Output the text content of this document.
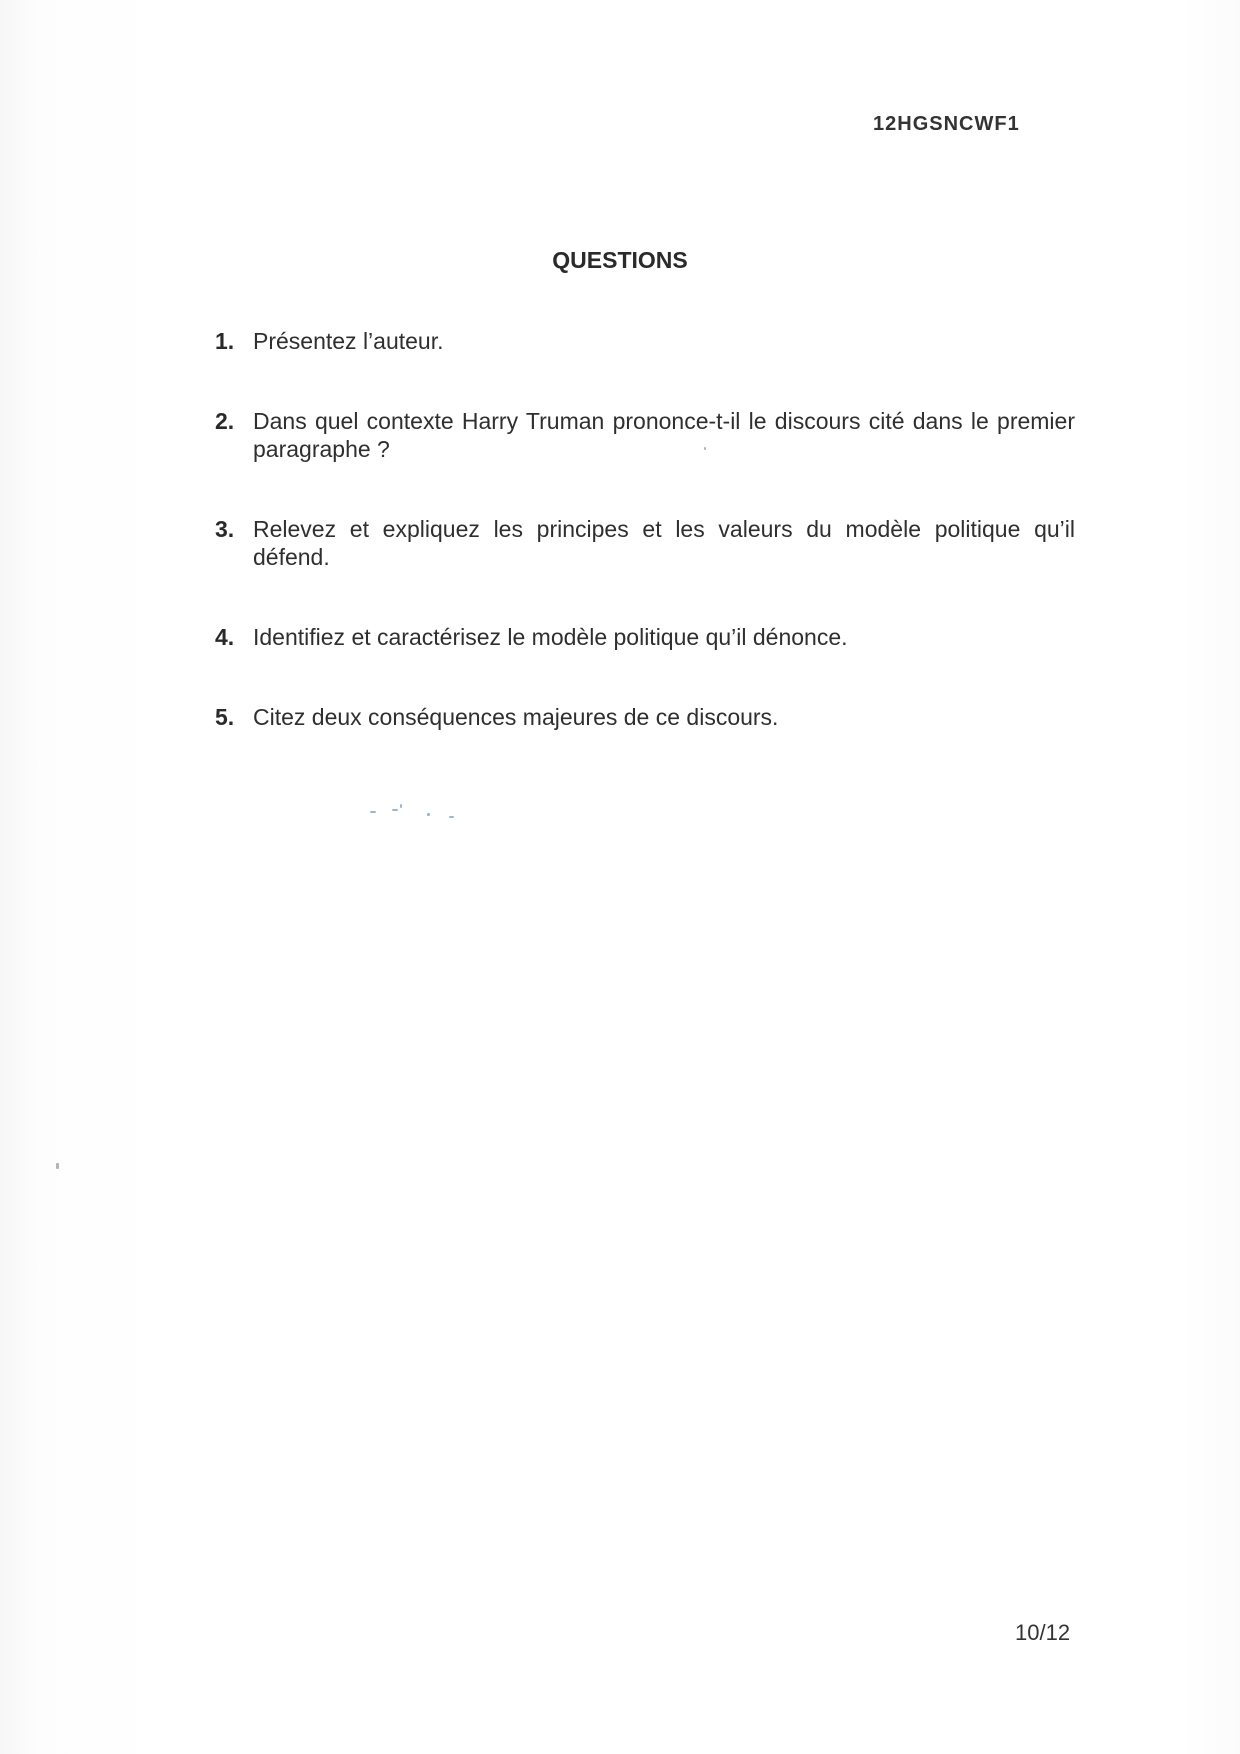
12HGSNCWF1
QUESTIONS
1. Présentez l’auteur.
2. Dans quel contexte Harry Truman prononce-t-il le discours cité dans le premier paragraphe ?
3. Relevez et expliquez les principes et les valeurs du modèle politique qu’il défend.
4. Identifiez et caractérisez le modèle politique qu’il dénonce.
5. Citez deux conséquences majeures de ce discours.
10/12
